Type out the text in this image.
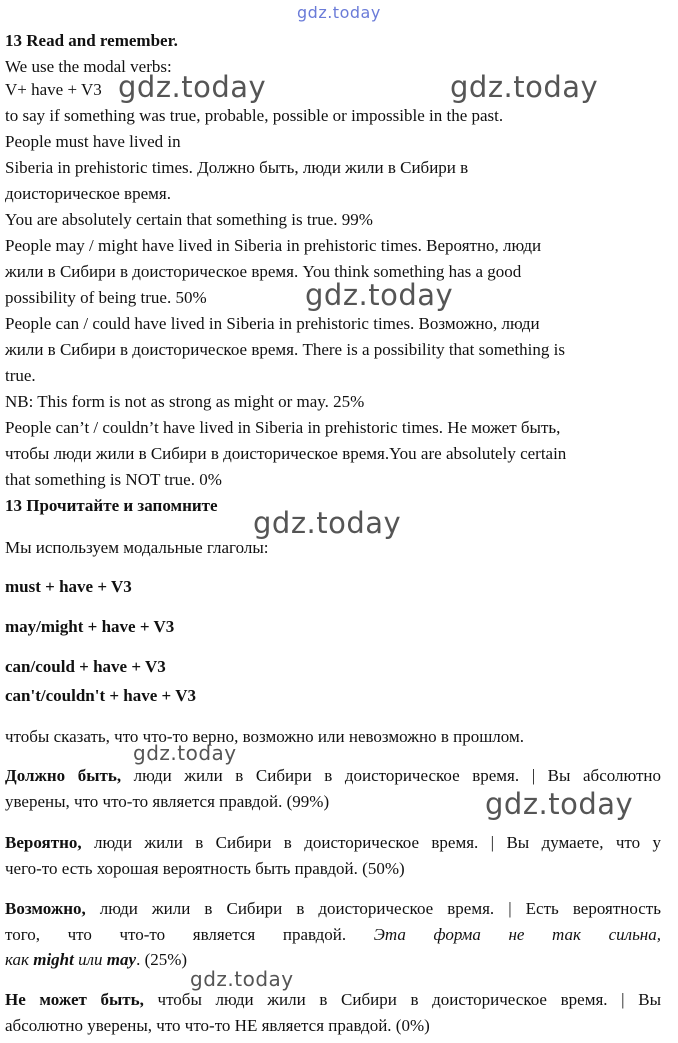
gdz.today
gdz.today	gdz.today
gdz.today
gdz.today
gdz.today
gdz.today
gdz.today
13 Read and remember.
We use the modal verbs:
V+ have + V3
to say if something was true, probable, possible or impossible in the past.
People must have lived in
Siberia in prehistoric times. Должно быть, люди жили в Сибири в
доисторическое время.
You are absolutely certain that something is true. 99%
People may / might have lived in Siberia in prehistoric times. Вероятно, люди
жили в Сибири в доисторическое время. You think something has a good
possibility of being true. 50%
People can / could have lived in Siberia in prehistoric times. Возможно, люди
жили в Сибири в доисторическое время. There is a possibility that something is
true.
NB: This form is not as strong as might or may. 25%
People can’t / couldn’t have lived in Siberia in prehistoric times. Не может быть,
чтобы люди жили в Сибири в доисторическое время.You are absolutely certain
that something is NOT true. 0%
13 Прочитайте и запомните
Мы используем модальные глаголы:
must + have + V3
may/might + have + V3
can/could + have + V3
can't/couldn't + have + V3
чтобы сказать, что что-то верно, возможно или невозможно в прошлом.
Должно быть, люди жили в Сибири в доисторическое время. | Вы абсолютно
уверены, что что-то является правдой. (99%)
Вероятно, люди жили в Сибири в доисторическое время. | Вы думаете, что у
чего-то есть хорошая вероятность быть правдой. (50%)
Возможно, люди жили в Сибири в доисторическое время. | Есть вероятность
того, что что-то является правдой. Эта форма не так сильна,
как might или may. (25%)
Не может быть, чтобы люди жили в Сибири в доисторическое время. | Вы
абсолютно уверены, что что-то НЕ является правдой. (0%)
